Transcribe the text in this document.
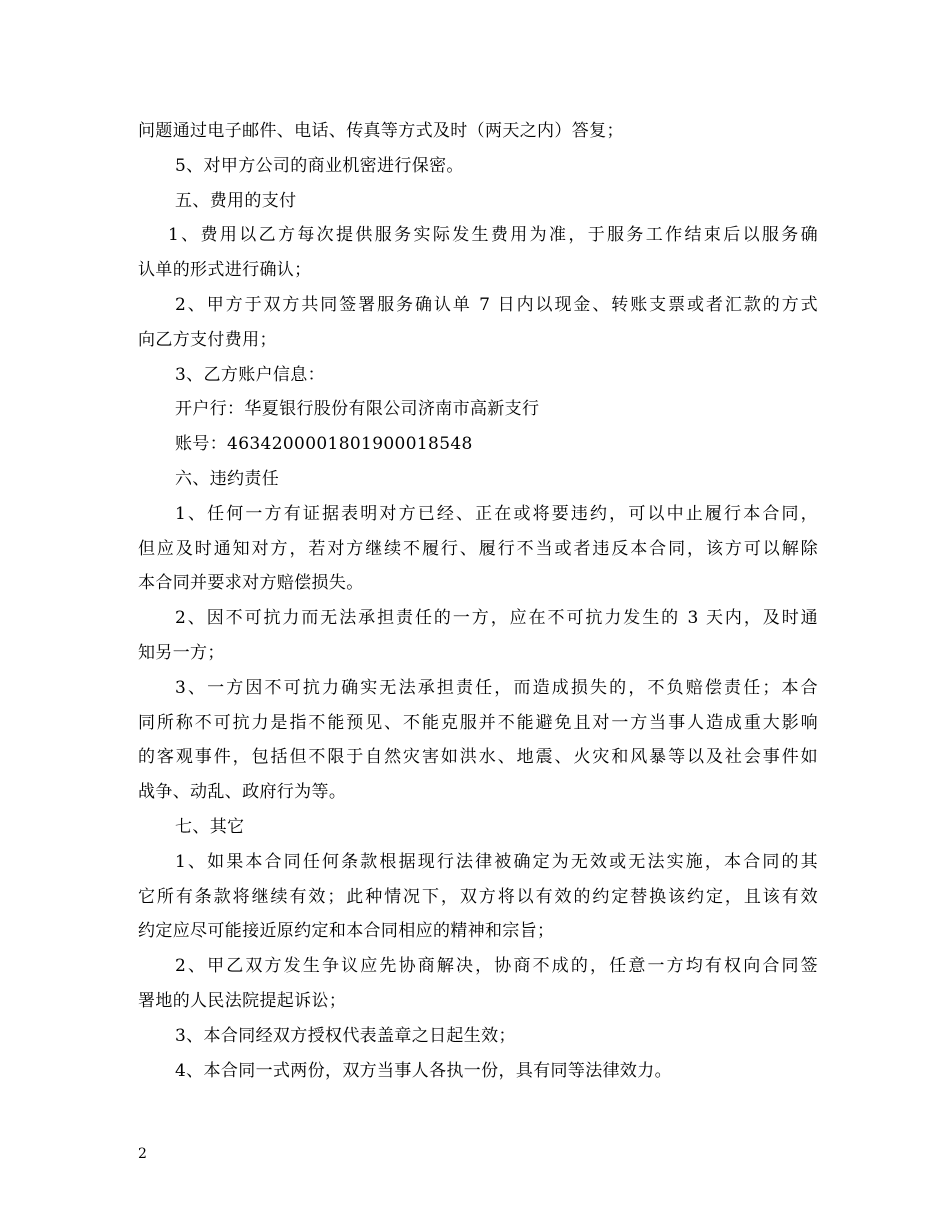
问题通过电子邮件、电话、传真等方式及时（两天之内）答复；
5、对甲方公司的商业机密进行保密。
五、费用的支付
1、费用以乙方每次提供服务实际发生费用为准，于服务工作结束后以服务确
认单的形式进行确认；
2、甲方于双方共同签署服务确认单 7 日内以现金、转账支票或者汇款的方式
向乙方支付费用；
3、乙方账户信息：
开户行：华夏银行股份有限公司济南市高新支行
账号：4634200001801900018548
六、违约责任
1、任何一方有证据表明对方已经、正在或将要违约，可以中止履行本合同，
但应及时通知对方，若对方继续不履行、履行不当或者违反本合同，该方可以解除
本合同并要求对方赔偿损失。
2、因不可抗力而无法承担责任的一方，应在不可抗力发生的 3 天内，及时通
知另一方；
3、一方因不可抗力确实无法承担责任，而造成损失的，不负赔偿责任；本合
同所称不可抗力是指不能预见、不能克服并不能避免且对一方当事人造成重大影响
的客观事件，包括但不限于自然灾害如洪水、地震、火灾和风暴等以及社会事件如
战争、动乱、政府行为等。
七、其它
1、如果本合同任何条款根据现行法律被确定为无效或无法实施，本合同的其
它所有条款将继续有效；此种情况下，双方将以有效的约定替换该约定，且该有效
约定应尽可能接近原约定和本合同相应的精神和宗旨；
2、甲乙双方发生争议应先协商解决，协商不成的，任意一方均有权向合同签
署地的人民法院提起诉讼；
3、本合同经双方授权代表盖章之日起生效；
4、本合同一式两份，双方当事人各执一份，具有同等法律效力。
2
